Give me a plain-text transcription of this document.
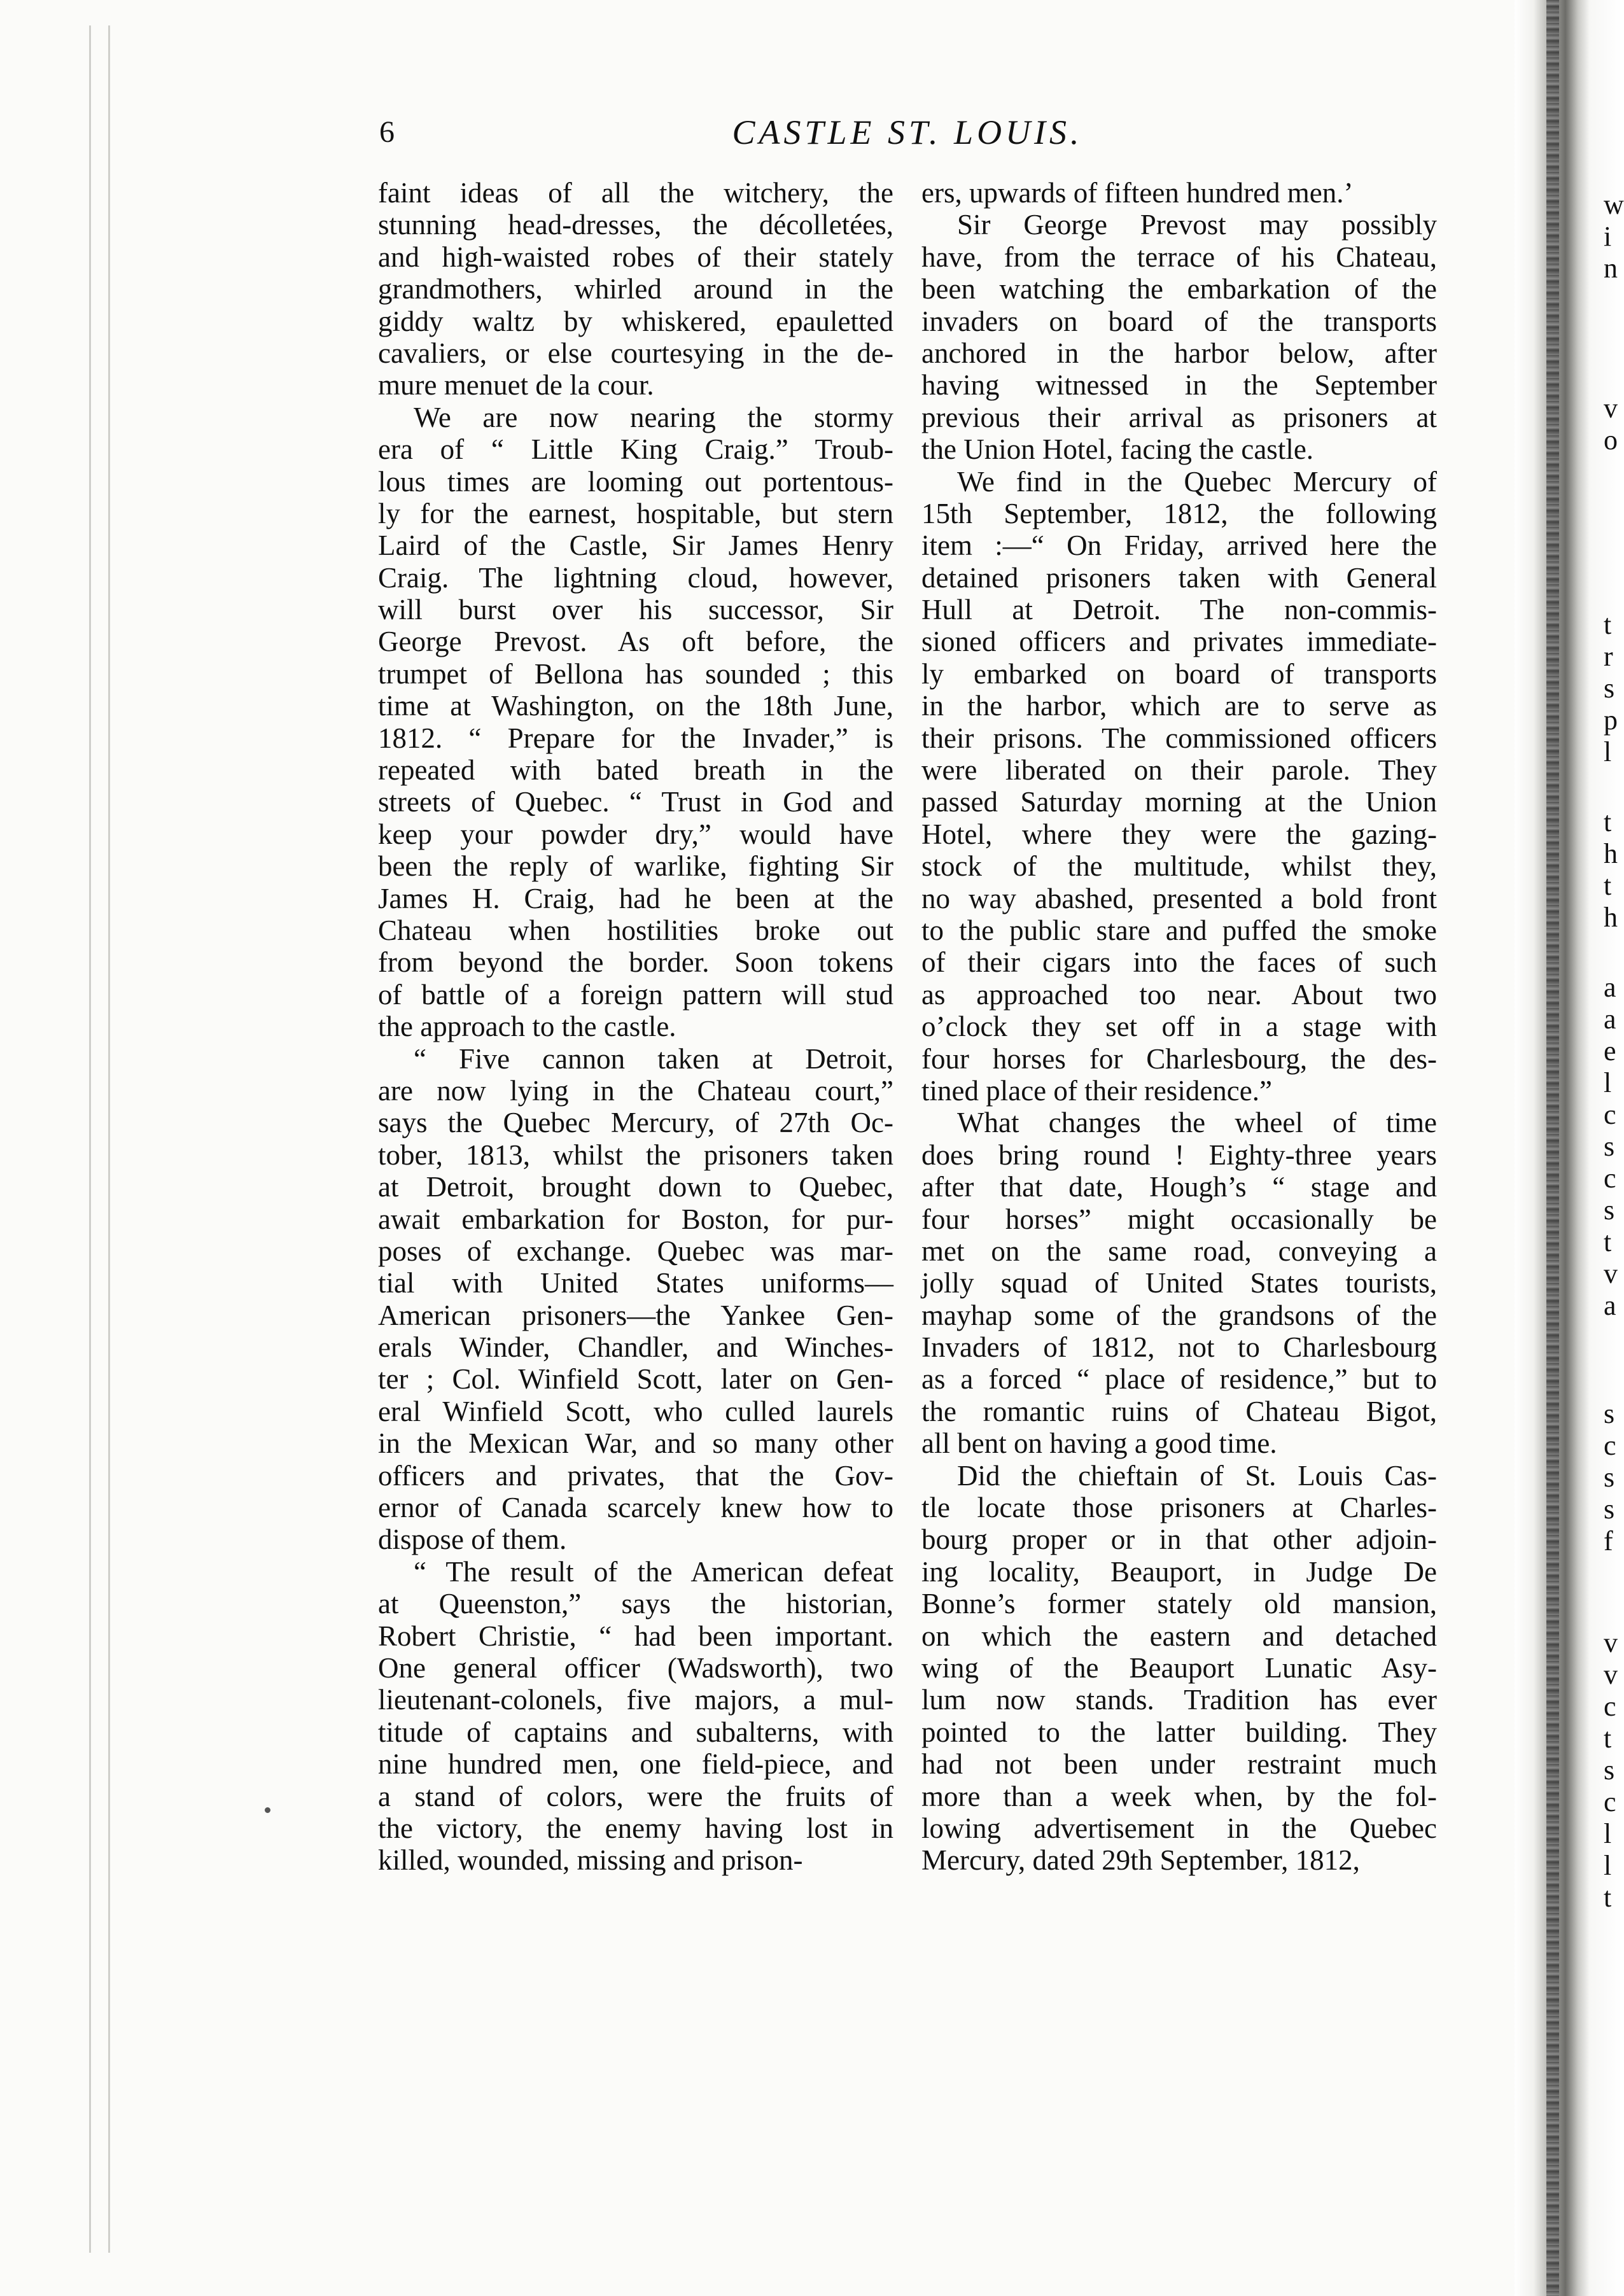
6	CASTLE ST. LOUIS.
faint ideas of all the witchery, the
stunning head-dresses, the décolletées,
and high-waisted robes of their stately
grandmothers, whirled around in the
giddy waltz by whiskered, epauletted
cavaliers, or else courtesying in the de-
mure menuet de la cour.
We are now nearing the stormy
era of “ Little King Craig.” Troub-
lous times are looming out portentous-
ly for the earnest, hospitable, but stern
Laird of the Castle, Sir James Henry
Craig. The lightning cloud, however,
will burst over his successor, Sir
George Prevost. As oft before, the
trumpet of Bellona has sounded ; this
time at Washington, on the 18th June,
1812. “ Prepare for the Invader,” is
repeated with bated breath in the
streets of Quebec. “ Trust in God and
keep your powder dry,” would have
been the reply of warlike, fighting Sir
James H. Craig, had he been at the
Chateau when hostilities broke out
from beyond the border. Soon tokens
of battle of a foreign pattern will stud
the approach to the castle.
“ Five cannon taken at Detroit,
are now lying in the Chateau court,”
says the Quebec Mercury, of 27th Oc-
tober, 1813, whilst the prisoners taken
at Detroit, brought down to Quebec,
await embarkation for Boston, for pur-
poses of exchange. Quebec was mar-
tial with United States uniforms—
American prisoners—the Yankee Gen-
erals Winder, Chandler, and Winches-
ter ; Col. Winfield Scott, later on Gen-
eral Winfield Scott, who culled laurels
in the Mexican War, and so many other
officers and privates, that the Gov-
ernor of Canada scarcely knew how to
dispose of them.
“ The result of the American defeat
at Queenston,” says the historian,
Robert Christie, “ had been important.
One general officer (Wadsworth), two
lieutenant-colonels, five majors, a mul-
titude of captains and subalterns, with
nine hundred men, one field-piece, and
a stand of colors, were the fruits of
the victory, the enemy having lost in
killed, wounded, missing and prison-
ers, upwards of fifteen hundred men.’
Sir George Prevost may possibly
have, from the terrace of his Chateau,
been watching the embarkation of the
invaders on board of the transports
anchored in the harbor below, after
having witnessed in the September
previous their arrival as prisoners at
the Union Hotel, facing the castle.
We find in the Quebec Mercury of
15th September, 1812, the following
item :—“ On Friday, arrived here the
detained prisoners taken with General
Hull at Detroit. The non-commis-
sioned officers and privates immediate-
ly embarked on board of transports
in the harbor, which are to serve as
their prisons. The commissioned officers
were liberated on their parole. They
passed Saturday morning at the Union
Hotel, where they were the gazing-
stock of the multitude, whilst they,
no way abashed, presented a bold front
to the public stare and puffed the smoke
of their cigars into the faces of such
as approached too near. About two
o’clock they set off in a stage with
four horses for Charlesbourg, the des-
tined place of their residence.”
What changes the wheel of time
does bring round ! Eighty-three years
after that date, Hough’s “ stage and
four horses” might occasionally be
met on the same road, conveying a
jolly squad of United States tourists,
mayhap some of the grandsons of the
Invaders of 1812, not to Charlesbourg
as a forced “ place of residence,” but to
the romantic ruins of Chateau Bigot,
all bent on having a good time.
Did the chieftain of St. Louis Cas-
tle locate those prisoners at Charles-
bourg proper or in that other adjoin-
ing locality, Beauport, in Judge De
Bonne’s former stately old mansion,
on which the eastern and detached
wing of the Beauport Lunatic Asy-
lum now stands. Tradition has ever
pointed to the latter building. They
had not been under restraint much
more than a week when, by the fol-
lowing advertisement in the Quebec
Mercury, dated 29th September, 1812,
w
i
n
v
o
t
r
s
p
l
t
h
t
h
a
a
e
l
c
s
c
s
t
v
a
s
c
s
s
f
v
v
c
t
s
c
l
l
t
